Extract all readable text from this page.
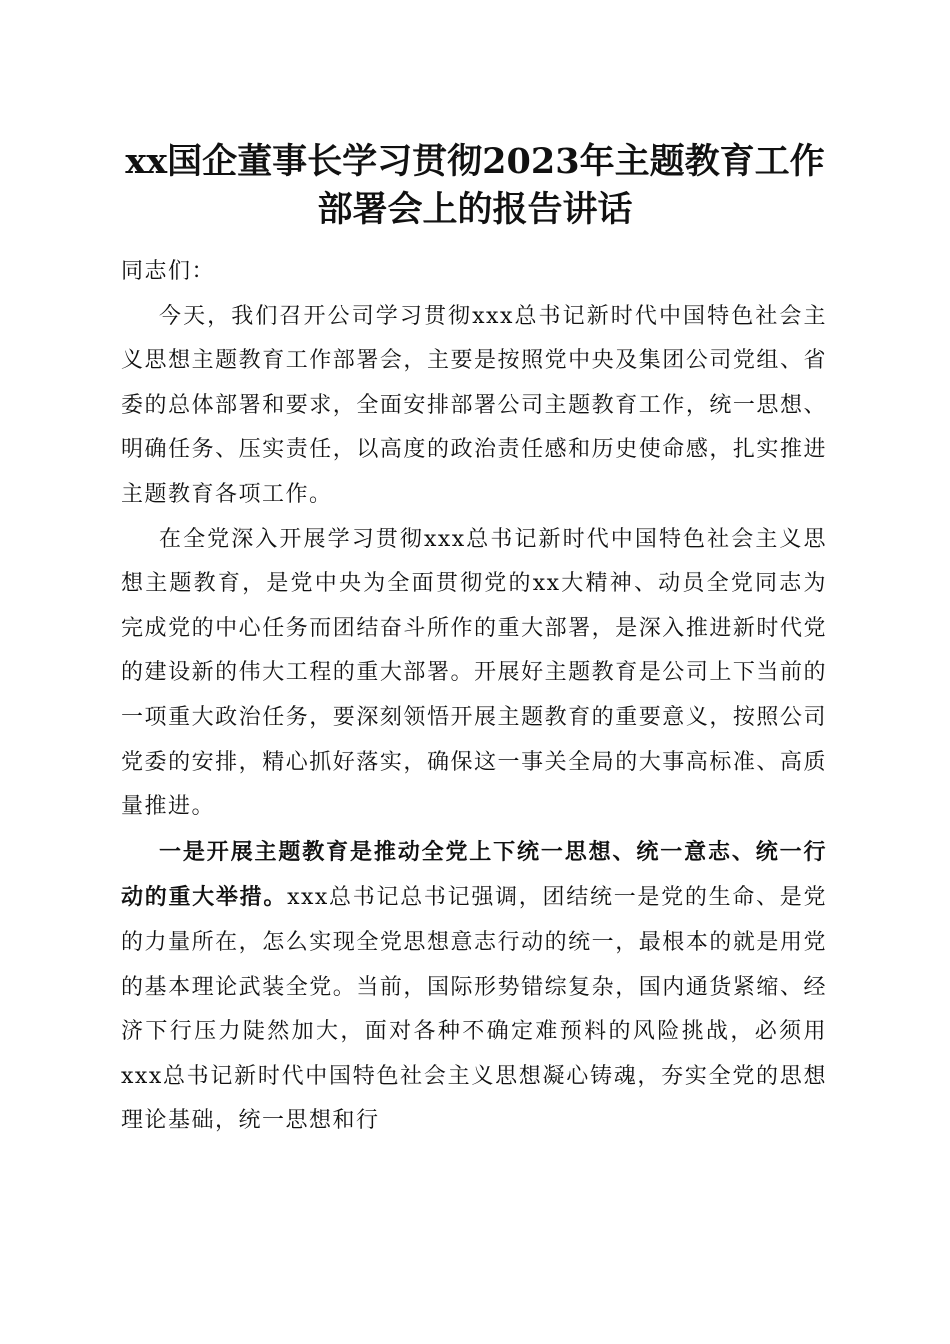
xx国企董事长学习贯彻2023年主题教育工作
部署会上的报告讲话

同志们：

今天，我们召开公司学习贯彻xxx总书记新时代中国特色社会主义思想主题教育工作部署会，主要是按照党中央及集团公司党组、省委的总体部署和要求，全面安排部署公司主题教育工作，统一思想、明确任务、压实责任，以高度的政治责任感和历史使命感，扎实推进主题教育各项工作。

在全党深入开展学习贯彻xxx总书记新时代中国特色社会主义思想主题教育，是党中央为全面贯彻党的xx大精神、动员全党同志为完成党的中心任务而团结奋斗所作的重大部署，是深入推进新时代党的建设新的伟大工程的重大部署。开展好主题教育是公司上下当前的一项重大政治任务，要深刻领悟开展主题教育的重要意义，按照公司党委的安排，精心抓好落实，确保这一事关全局的大事高标准、高质量推进。

一是开展主题教育是推动全党上下统一思想、统一意志、统一行动的重大举措。xxx总书记总书记强调，团结统一是党的生命、是党的力量所在，怎么实现全党思想意志行动的统一，最根本的就是用党的基本理论武装全党。当前，国际形势错综复杂，国内通货紧缩、经济下行压力陡然加大，面对各种不确定难预料的风险挑战，必须用xxx总书记新时代中国特色社会主义思想凝心铸魂，夯实全党的思想理论基础，统一思想和行
